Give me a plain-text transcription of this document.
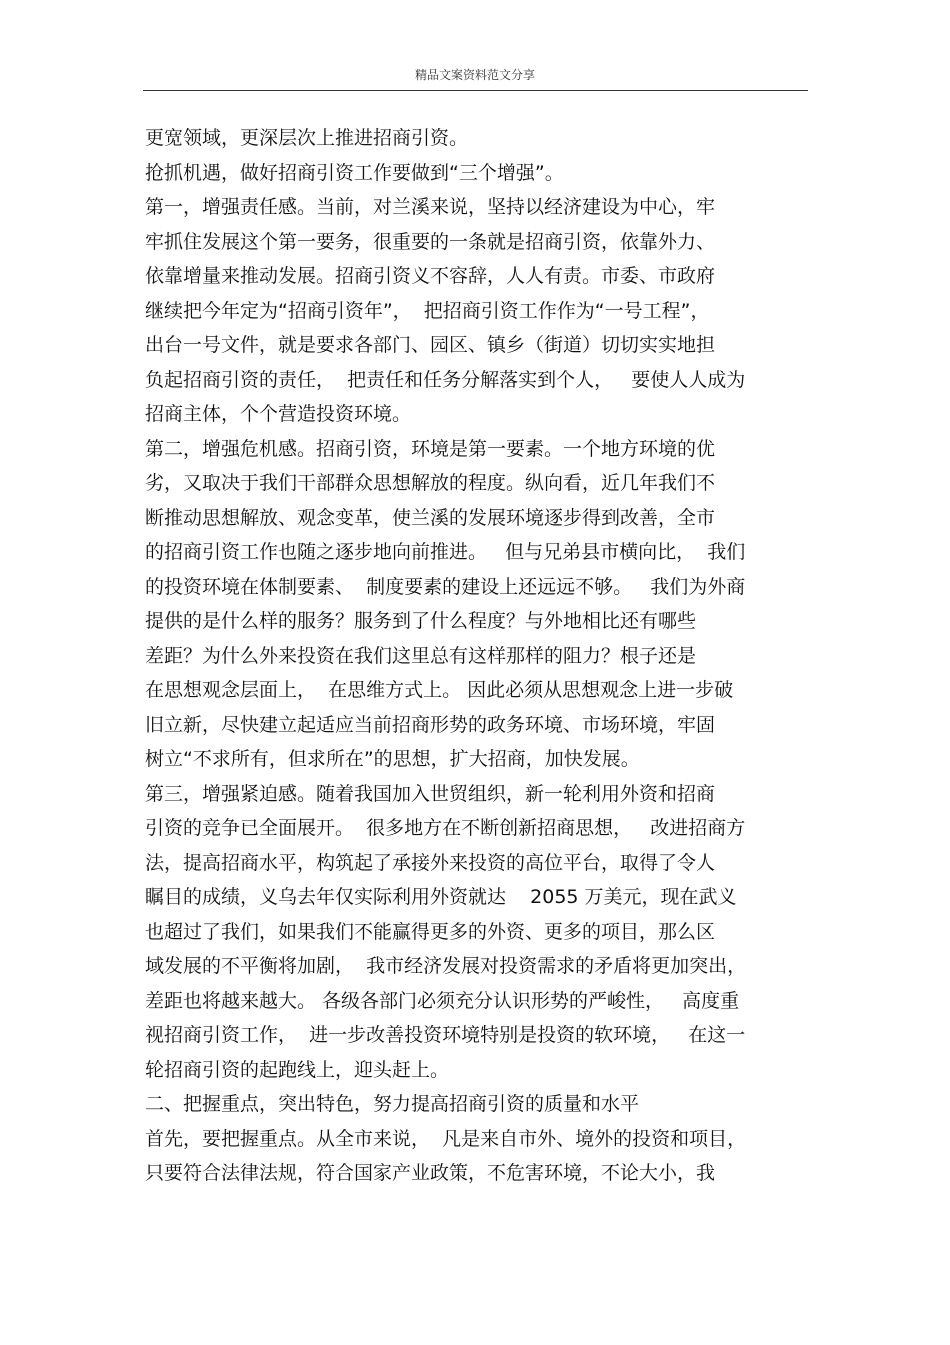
精品文案资料范文分享
更宽领域，更深层次上推进招商引资。
抢抓机遇，做好招商引资工作要做到“三个增强”。
第一，增强责任感。当前，对兰溪来说，坚持以经济建设为中心，牢
牢抓住发展这个第一要务，很重要的一条就是招商引资，依靠外力、
依靠增量来推动发展。招商引资义不容辞，人人有责。市委、市政府
继续把今年定为“招商引资年”，  把招商引资工作作为“一号工程”，
出台一号文件，就是要求各部门、园区、镇乡（街道）切切实实地担
负起招商引资的责任，  把责任和任务分解落实到个人，   要使人人成为
招商主体，个个营造投资环境。
第二，增强危机感。招商引资，环境是第一要素。一个地方环境的优
劣，又取决于我们干部群众思想解放的程度。纵向看，近几年我们不
断推动思想解放、观念变革，使兰溪的发展环境逐步得到改善，全市
的招商引资工作也随之逐步地向前推进。   但与兄弟县市横向比，  我们
的投资环境在体制要素、  制度要素的建设上还远远不够。   我们为外商
提供的是什么样的服务？服务到了什么程度？与外地相比还有哪些
差距？为什么外来投资在我们这里总有这样那样的阻力？根子还是
在思想观念层面上，  在思维方式上。 因此必须从思想观念上进一步破
旧立新，尽快建立起适应当前招商形势的政务环境、市场环境，牢固
树立“不求所有，但求所在”的思想，扩大招商，加快发展。
第三，增强紧迫感。随着我国加入世贸组织，新一轮利用外资和招商
引资的竞争已全面展开。  很多地方在不断创新招商思想，   改进招商方
法，提高招商水平，构筑起了承接外来投资的高位平台，取得了令人
瞩目的成绩，义乌去年仅实际利用外资就达    2055 万美元，现在武义
也超过了我们，如果我们不能赢得更多的外资、更多的项目，那么区
域发展的不平衡将加剧，  我市经济发展对投资需求的矛盾将更加突出，
差距也将越来越大。 各级各部门必须充分认识形势的严峻性，   高度重
视招商引资工作，  进一步改善投资环境特别是投资的软环境，   在这一
轮招商引资的起跑线上，迎头赶上。
二、把握重点，突出特色，努力提高招商引资的质量和水平
首先，要把握重点。从全市来说，  凡是来自市外、境外的投资和项目，
只要符合法律法规，符合国家产业政策，不危害环境，不论大小，我
